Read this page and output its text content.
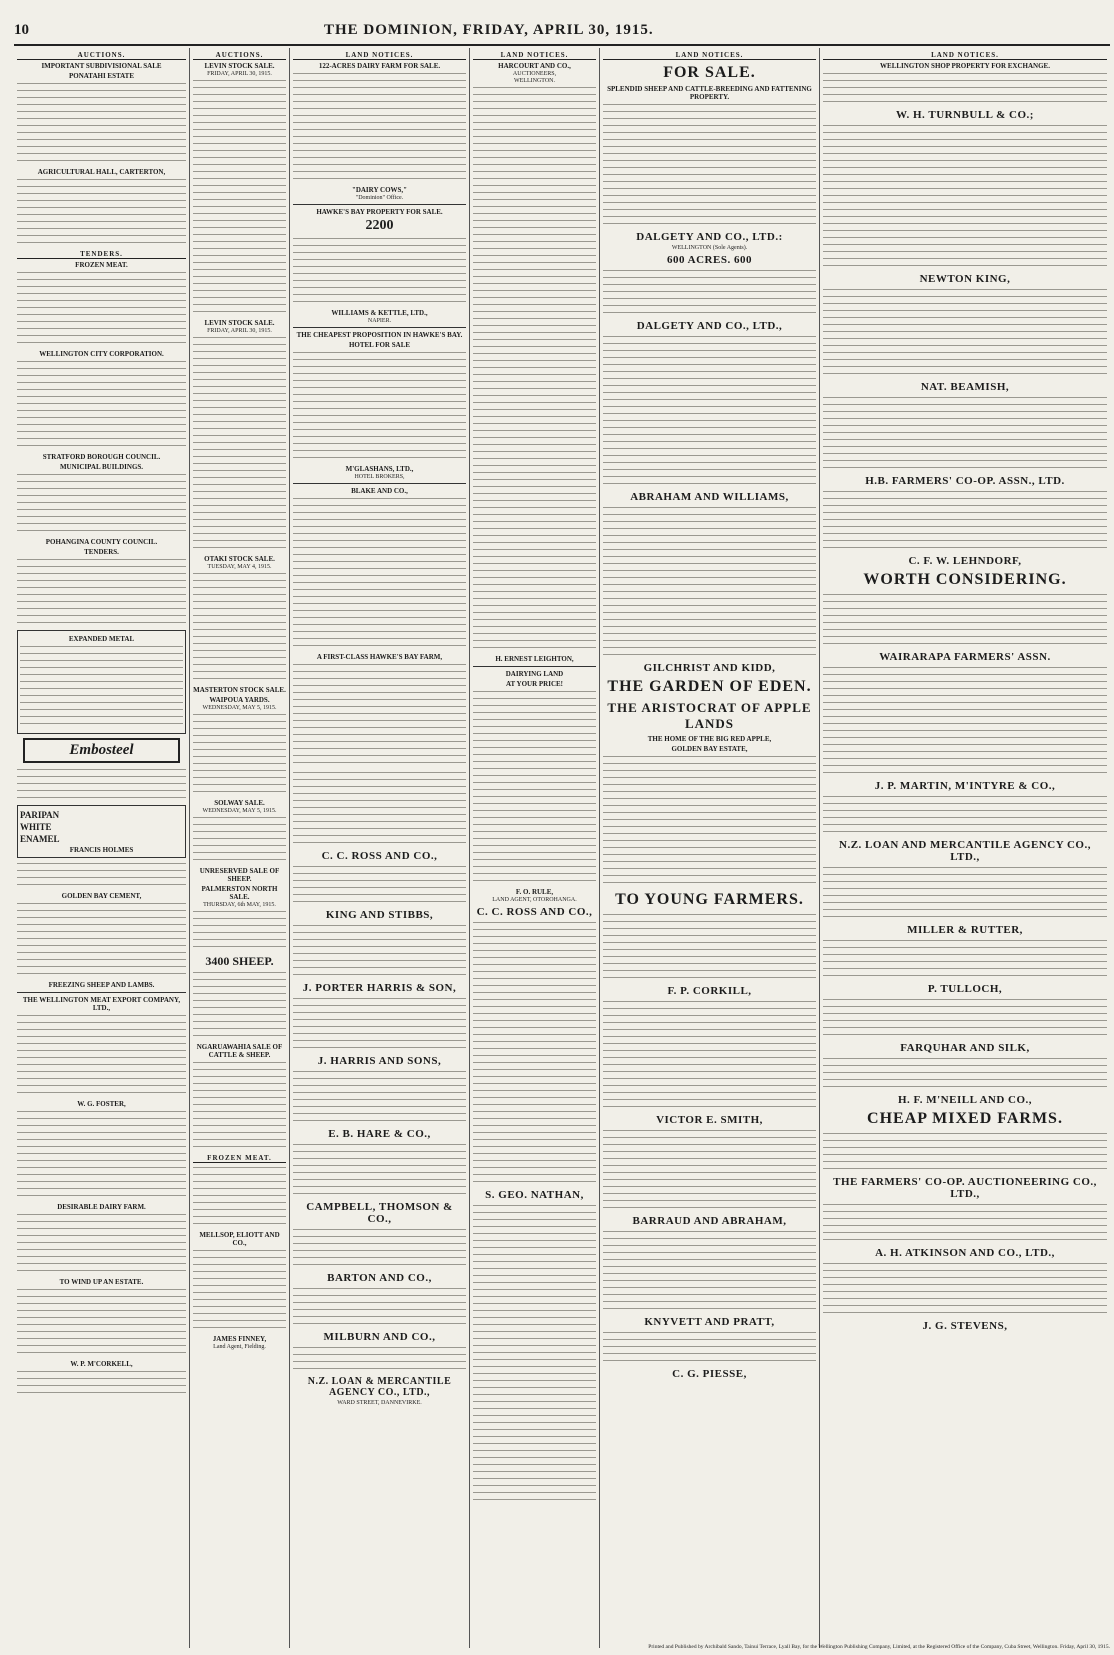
10	THE DOMINION, FRIDAY, APRIL 30, 1915.
AUCTIONS.
IMPORTANT SUBDIVISIONAL SALE
PONATAHI ESTATE
AGRICULTURAL HALL, CARTERTON,
TENDERS.
FROZEN MEAT.
WELLINGTON CITY CORPORATION.
STRATFORD BOROUGH COUNCIL.
MUNICIPAL BUILDINGS.
POHANGINA COUNTY COUNCIL.
TENDERS.
EXPANDED METAL
Embosteel
PARIPAN
WHITE
ENAMEL
FRANCIS HOLMES
GOLDEN BAY CEMENT,
FREEZING SHEEP AND LAMBS.
THE WELLINGTON MEAT EXPORT COMPANY, LTD.,
W. G. FOSTER,
DESIRABLE DAIRY FARM.
TO WIND UP AN ESTATE.
W. P. M'CORKELL,
AUCTIONS.
LEVIN STOCK SALE.
FRIDAY, APRIL 30, 1915.
LEVIN STOCK SALE.
FRIDAY, APRIL 30, 1915.
OTAKI STOCK SALE.
TUESDAY, MAY 4, 1915.
MASTERTON STOCK SALE.
WAIPOUA YARDS.
WEDNESDAY, MAY 5, 1915.
SOLWAY SALE.
WEDNESDAY, MAY 5, 1915.
UNRESERVED SALE OF SHEEP.
PALMERSTON NORTH SALE.
THURSDAY, 6th MAY, 1915.
3400 SHEEP.
NGARUAWAHIA SALE OF CATTLE & SHEEP.
FROZEN MEAT.
MELLSOP, ELIOTT AND CO.,
JAMES FINNEY,
Land Agent, Fielding.
LAND NOTICES.
122-ACRES DAIRY FARM FOR SALE.
"DAIRY COWS,"
"Dominion" Office.
HAWKE'S BAY PROPERTY FOR SALE.
2200
WILLIAMS & KETTLE, LTD.,
NAPIER.
THE CHEAPEST PROPOSITION IN HAWKE'S BAY.
HOTEL FOR SALE
M'GLASHANS, LTD.,
HOTEL BROKERS,
BLAKE AND CO.,
A FIRST-CLASS HAWKE'S BAY FARM,
C. C. ROSS AND CO.,
KING AND STIBBS,
J. PORTER HARRIS & SON,
J. HARRIS AND SONS,
E. B. HARE & CO.,
CAMPBELL, THOMSON & CO.,
BARTON AND CO.,
MILBURN AND CO.,
N.Z. LOAN & MERCANTILE AGENCY CO., LTD.,
WARD STREET, DANNEVIRKE.
LAND NOTICES.
HARCOURT AND CO.,
AUCTIONEERS,
WELLINGTON.
H. ERNEST LEIGHTON,
DAIRYING LAND
AT YOUR PRICE!
F. O. RULE,
LAND AGENT, OTOROHANGA.
C. C. ROSS AND CO.,
S. GEO. NATHAN,
LAND NOTICES.
FOR SALE.
SPLENDID SHEEP AND CATTLE-BREEDING AND FATTENING PROPERTY.
DALGETY AND CO., LTD.:
WELLINGTON (Sole Agents).
600 ACRES. 600
DALGETY AND CO., LTD.,
ABRAHAM AND WILLIAMS,
GILCHRIST AND KIDD,
THE GARDEN OF EDEN.
THE ARISTOCRAT OF APPLE LANDS
THE HOME OF THE BIG RED APPLE,
GOLDEN BAY ESTATE,
TO YOUNG FARMERS.
F. P. CORKILL,
VICTOR E. SMITH,
BARRAUD AND ABRAHAM,
KNYVETT AND PRATT,
C. G. PIESSE,
LAND NOTICES.
WELLINGTON SHOP PROPERTY FOR EXCHANGE.
W. H. TURNBULL & CO.;
NEWTON KING,
NAT. BEAMISH,
H.B. FARMERS' CO-OP. ASSN., LTD.
C. F. W. LEHNDORF,
WORTH CONSIDERING.
WAIRARAPA FARMERS' ASSN.
J. P. MARTIN, M'INTYRE & CO.,
N.Z. LOAN AND MERCANTILE AGENCY CO., LTD.,
MILLER & RUTTER,
P. TULLOCH,
FARQUHAR AND SILK,
H. F. M'NEILL AND CO.,
CHEAP MIXED FARMS.
THE FARMERS' CO-OP. AUCTIONEERING CO., LTD.,
A. H. ATKINSON AND CO., LTD.,
J. G. STEVENS,
Printed and Published by Archibald Sando, Tainui Terrace, Lyall Bay, for the Wellington Publishing Company, Limited, at the Registered Office of the Company, Cuba Street, Wellington. Friday, April 30, 1915.
